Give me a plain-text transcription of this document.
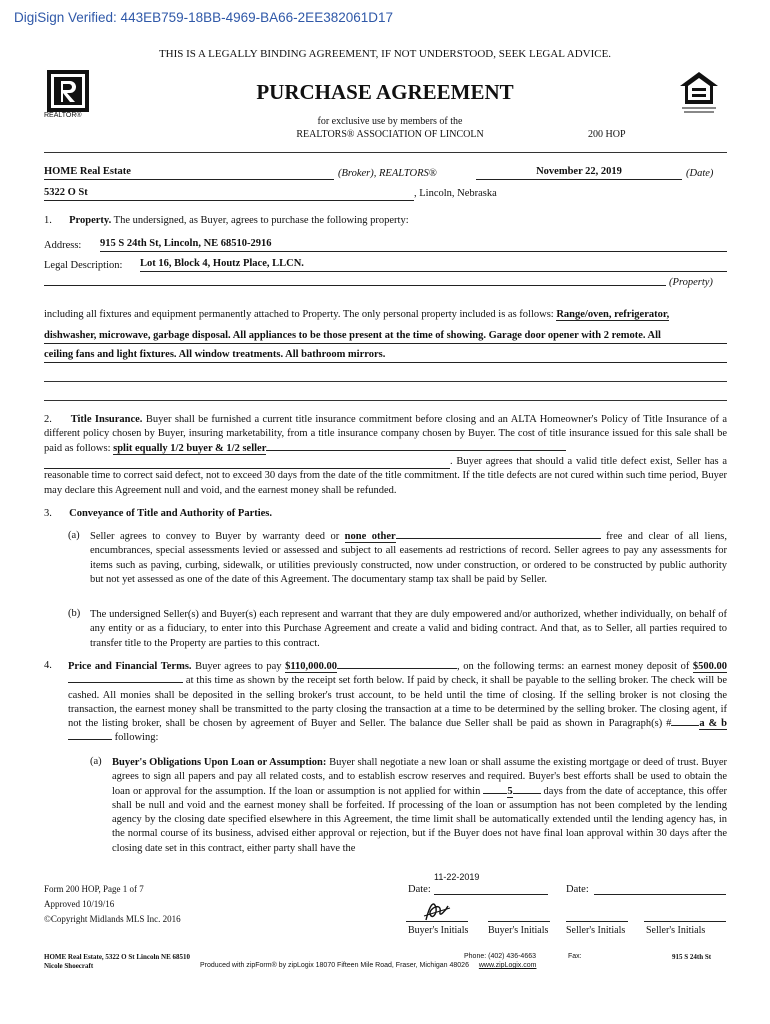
DigiSign Verified: 443EB759-18BB-4969-BA66-2EE382061D17
THIS IS A LEGALLY BINDING AGREEMENT, IF NOT UNDERSTOOD, SEEK LEGAL ADVICE.
REALTOR®
PURCHASE AGREEMENT
for exclusive use by members of the
REALTORS® ASSOCIATION OF LINCOLN	200 HOP
HOME Real Estate	(Broker), REALTORS®	November 22, 2019	(Date)
5322 O St	, Lincoln, Nebraska
1. Property. The undersigned, as Buyer, agrees to purchase the following property:
Address: 915 S 24th St, Lincoln, NE 68510-2916
Legal Description: Lot 16, Block 4, Houtz Place, LLCN.
(Property)
including all fixtures and equipment permanently attached to Property. The only personal property included is as follows: Range/oven, refrigerator,
dishwasher, microwave, garbage disposal. All appliances to be those present at the time of showing. Garage door opener with 2 remote. All
ceiling fans and light fixtures. All window treatments. All bathroom mirrors.
2. Title Insurance. Buyer shall be furnished a current title insurance commitment before closing and an ALTA Homeowner's Policy of Title Insurance of a different policy chosen by Buyer, insuring marketability, from a title insurance company chosen by Buyer. The cost of title insurance issued for this sale shall be paid as follows: split equally 1/2 buyer & 1/2 seller
. Buyer agrees that should a valid title defect exist, Seller has a reasonable time to correct said defect, not to exceed 30 days from the date of the title commitment. If the title defects are not cured within such time period, Buyer may declare this Agreement null and void, and the earnest money shall be refunded.
3. Conveyance of Title and Authority of Parties.
(a) Seller agrees to convey to Buyer by warranty deed or none other	free and clear of all liens, encumbrances, special assessments levied or assessed and subject to all easements ad restrictions of record. Seller agrees to pay any assessments for items such as paving, curbing, sidewalk, or utilities previously constructed, now under construction, or ordered to be constructed by public authority but not yet assessed as one of the date of this Agreement. The documentary stamp tax shall be paid by Seller.
(b) The undersigned Seller(s) and Buyer(s) each represent and warrant that they are duly empowered and/or authorized, whether individually, on behalf of any entity or as a fiduciary, to enter into this Purchase Agreement and create a valid and biding contract. And that, as to Seller, all parties required to transfer title to the Property are parties to this contract.
4. Price and Financial Terms. Buyer agrees to pay $110,000.00	, on the following terms: an earnest money deposit of $500.00 at this time as shown by the receipt set forth below. If paid by check, it shall be payable to the selling broker. The check will be cashed. All monies shall be deposited in the selling broker's trust account, to be held until the time of closing. If the selling broker is not closing the transaction, the earnest money shall be transmitted to the party closing the transaction at a time to be determined by the selling broker. The closing agent, if not the listing broker, shall be chosen by agreement of Buyer and Seller. The balance due Seller shall be paid as shown in Paragraph(s) #	a & b following:
(a) Buyer's Obligations Upon Loan or Assumption: Buyer shall negotiate a new loan or shall assume the existing mortgage or deed of trust. Buyer agrees to sign all papers and pay all related costs, and to establish escrow reserves and required. Buyer's best efforts shall be used to obtain the loan or approval for the assumption. If the loan or assumption is not applied for within	5	days from the date of acceptance, this offer shall be null and void and the earnest money shall be forfeited. If processing of the loan or assumption has not been completed by the lending agency by the closing date specified elsewhere in this Agreement, the time limit shall be automatically extended until the lending agency has, in the normal course of its business, advised either approval or rejection, but if the Buyer does not have final loan approval within 30 days after the closing date set in this contract, either party shall have the
Form 200 HOP, Page 1 of 7
Approved 10/19/16
©Copyright Midlands MLS Inc. 2016
11-22-2019
Date:	Date:
Buyer's Initials Buyer's Initials Seller's Initials Seller's Initials
HOME Real Estate, 5322 O St Lincoln NE 68510
Nicole Shoecraft
Phone: (402) 436-4663	Fax:	915 S 24th St
Produced with zipForm® by zipLogix 18070 Fifteen Mile Road, Fraser, Michigan 48026 www.zipLogix.com
